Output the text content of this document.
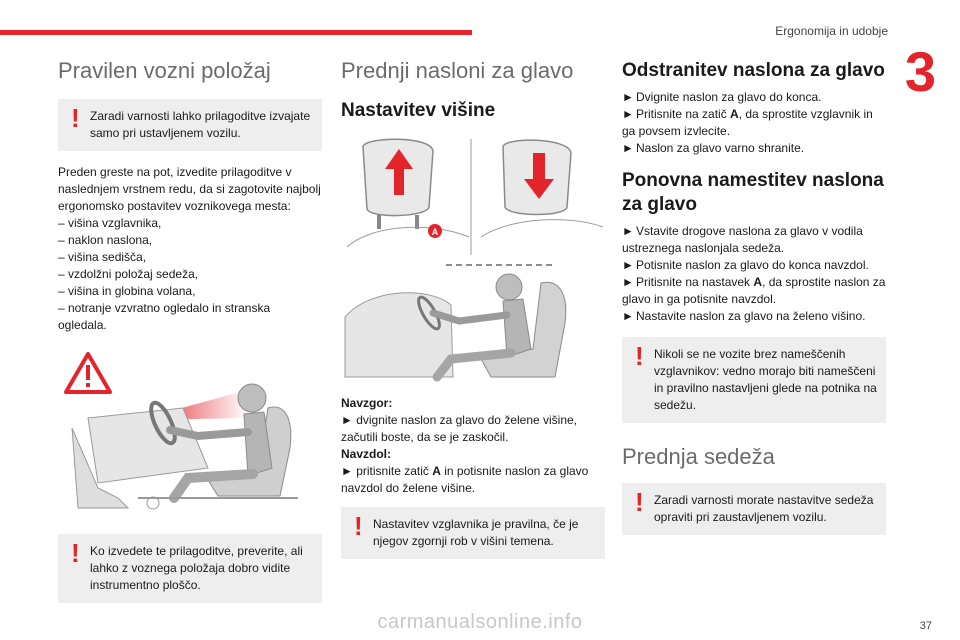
Ergonomija in udobje
3
Pravilen vozni položaj
! Zaradi varnosti lahko prilagoditve izvajate samo pri ustavljenem vozilu.

Preden greste na pot, izvedite prilagoditve v naslednjem vrstnem redu, da si zagotovite najbolj ergonomsko postavitev voznikovega mesta:

– višina vzglavnika,
– naklon naslona,
– višina sedišča,
– vzdolžni položaj sedeža,
– višina in globina volana,
– notranje vzvratno ogledalo in stranska ogledala.
! Ko izvedete te prilagoditve, preverite, ali lahko z voznega položaja dobro vidite instrumentno ploščo.
Prednji nasloni za glavo
Nastavitev višine
A
Navzgor:
► dvignite naslon za glavo do želene višine, začutili boste, da se je zaskočil.
Navzdol:
► pritisnite zatič A in potisnite naslon za glavo navzdol do želene višine.
! Nastavitev vzglavnika je pravilna, če je njegov zgornji rob v višini temena.
Odstranitev naslona za glavo
► Dvignite naslon za glavo do konca.
► Pritisnite na zatič A, da sprostite vzglavnik in ga povsem izvlecite.
► Naslon za glavo varno shranite.
Ponovna namestitev naslona za glavo
► Vstavite drogove naslona za glavo v vodila ustreznega naslonjala sedeža.
► Potisnite naslon za glavo do konca navzdol.
► Pritisnite na nastavek A, da sprostite naslon za glavo in ga potisnite navzdol.
► Nastavite naslon za glavo na želeno višino.
! Nikoli se ne vozite brez nameščenih vzglavnikov: vedno morajo biti nameščeni in pravilno nastavljeni glede na potnika na sedežu.
Prednja sedeža
! Zaradi varnosti morate nastavitve sedeža opraviti pri zaustavljenem vozilu.
carmanualsonline.info	37
